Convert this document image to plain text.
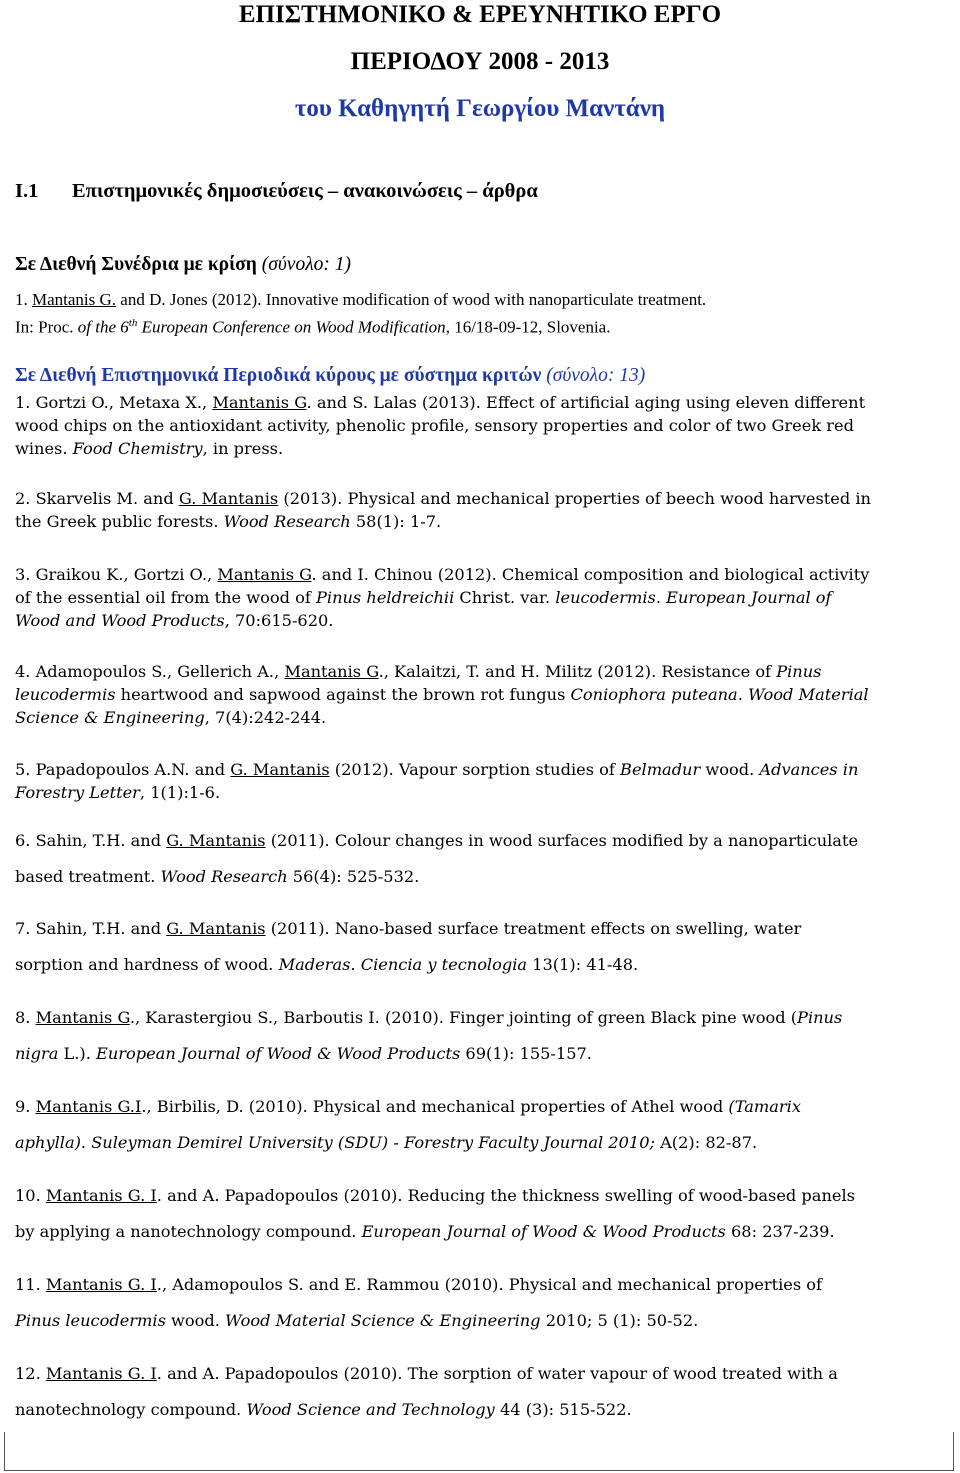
ΕΠΙΣΤΗΜΟΝΙΚΟ & ΕΡΕΥΝΗΤΙΚΟ ΕΡΓΟ
ΠΕΡΙΟΔΟΥ 2008 - 2013
του Καθηγητή Γεωργίου Μαντάνη
I.1 Επιστημονικές δημοσιεύσεις – ανακοινώσεις – άρθρα
Σε Διεθνή Συνέδρια με κρίση (σύνολο: 1)
1. Mantanis G. and D. Jones (2012). Innovative modification of wood with nanoparticulate treatment.
In: Proc. of the 6th European Conference on Wood Modification, 16/18-09-12, Slovenia.
Σε Διεθνή Επιστημονικά Περιοδικά κύρους με σύστημα κριτών (σύνολο: 13)
1. Gortzi O., Metaxa X., Mantanis G. and S. Lalas (2013). Effect of artificial aging using eleven different
wood chips on the antioxidant activity, phenolic profile, sensory properties and color of two Greek red
wines. Food Chemistry, in press.
2. Skarvelis M. and G. Mantanis (2013). Physical and mechanical properties of beech wood harvested in
the Greek public forests. Wood Research 58(1): 1-7.
3. Graikou K., Gortzi O., Mantanis G. and I. Chinou (2012). Chemical composition and biological activity
of the essential oil from the wood of Pinus heldreichii Christ. var. leucodermis. European Journal of
Wood and Wood Products, 70:615-620.
4. Adamopoulos S., Gellerich A., Mantanis G., Kalaitzi, T. and H. Militz (2012). Resistance of Pinus
leucodermis heartwood and sapwood against the brown rot fungus Coniophora puteana. Wood Material
Science & Engineering, 7(4):242-244.
5. Papadopoulos A.N. and G. Mantanis (2012). Vapour sorption studies of Belmadur wood. Advances in
Forestry Letter, 1(1):1-6.
6. Sahin, T.H. and G. Mantanis (2011). Colour changes in wood surfaces modified by a nanoparticulate
based treatment. Wood Research 56(4): 525-532.
7. Sahin, T.H. and G. Mantanis (2011). Nano-based surface treatment effects on swelling, water
sorption and hardness of wood. Maderas. Ciencia y tecnologia 13(1): 41-48.
8. Mantanis G., Karastergiou S., Barboutis I. (2010). Finger jointing of green Black pine wood (Pinus
nigra L.). European Journal of Wood & Wood Products 69(1): 155-157.
9. Mantanis G.I., Birbilis, D. (2010). Physical and mechanical properties of Athel wood (Tamarix
aphylla). Suleyman Demirel University (SDU) - Forestry Faculty Journal 2010; A(2): 82-87.
10. Mantanis G. I. and A. Papadopoulos (2010). Reducing the thickness swelling of wood-based panels
by applying a nanotechnology compound. European Journal of Wood & Wood Products 68: 237-239.
11. Mantanis G. I., Adamopoulos S. and E. Rammou (2010). Physical and mechanical properties of
Pinus leucodermis wood. Wood Material Science & Engineering 2010; 5 (1): 50-52.
12. Mantanis G. I. and A. Papadopoulos (2010). The sorption of water vapour of wood treated with a
nanotechnology compound. Wood Science and Technology 44 (3): 515-522.
